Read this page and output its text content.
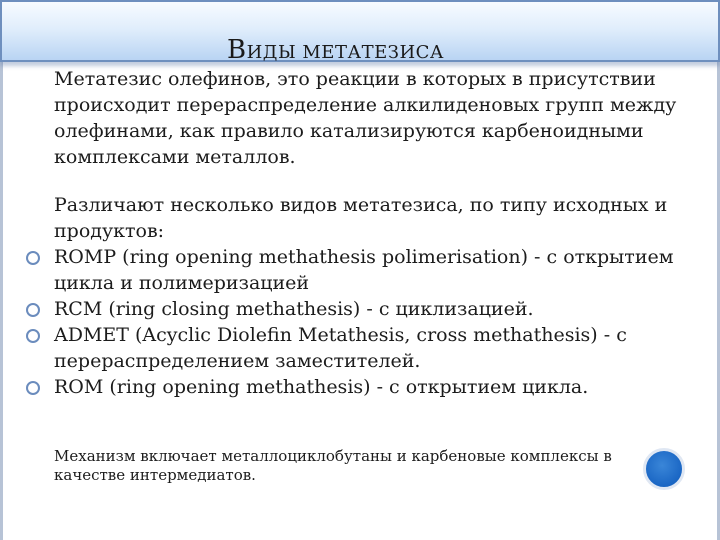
ВИДЫ МЕТАТЕЗИСА

Метатезис олефинов, это реакции в которых в присутствии происходит перераспределение алкилиденовых групп между олефинами, как правило катализируются карбеноидными комплексами металлов.

Различают несколько видов метатезиса, по типу исходных и продуктов:

ROMP (ring opening methathesis polimerisation) - с открытием цикла и полимеризацией
RCM (ring closing methathesis) - с циклизацией.
ADMET (Acyclic Diolefin Metathesis, cross methathesis) - с перераспределением заместителей.
ROM (ring opening methathesis) - с открытием цикла.

Механизм включает металлоциклобутаны и карбеновые комплексы в качестве интермедиатов.
